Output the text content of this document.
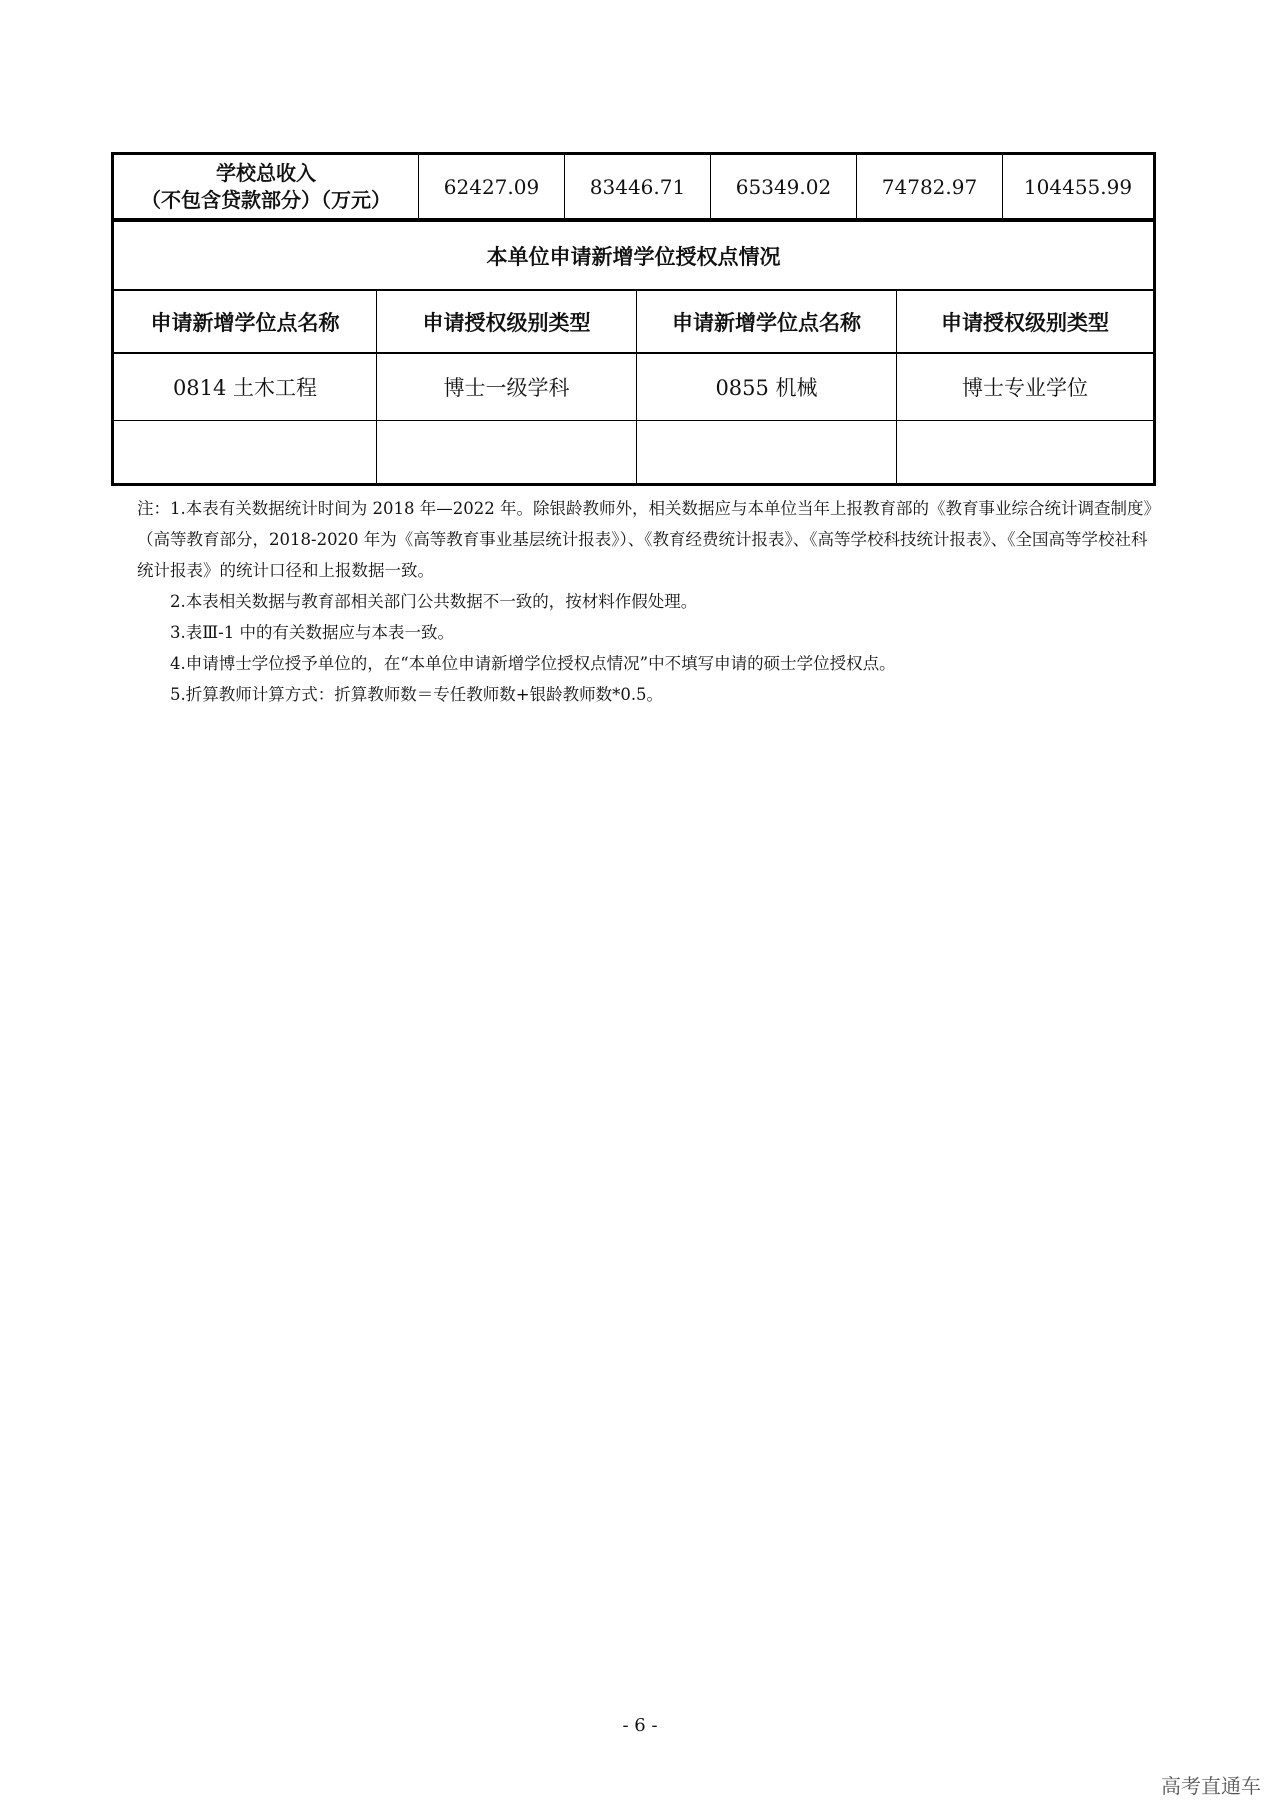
学校总收入
（不包含贷款部分）（万元）
	62427.09	83446.71	65349.02	74782.97	104455.99
本单位申请新增学位授权点情况			
申请新增学位点名称	申请授权级别类型	申请新增学位点名称	申请授权级别类型
0814 土木工程	博士一级学科	0855 机械	博士专业学位

注：1.本表有关数据统计时间为 2018 年—2022 年。除银龄教师外，相关数据应与本单位当年上报教育部的《教育事业综合统计调查制度》（高等教育部分，2018-2020 年为《高等教育事业基层统计报表》）、《教育经费统计报表》、《高等学校科技统计报表》、《全国高等学校社科统计报表》的统计口径和上报数据一致。

2.本表相关数据与教育部相关部门公共数据不一致的，按材料作假处理。

3.表Ⅲ-1 中的有关数据应与本表一致。

4.申请博士学位授予单位的，在“本单位申请新增学位授权点情况”中不填写申请的硕士学位授权点。

5.折算教师计算方式：折算教师数＝专任教师数+银龄教师数*0.5。

- 6 -
高考直通车
